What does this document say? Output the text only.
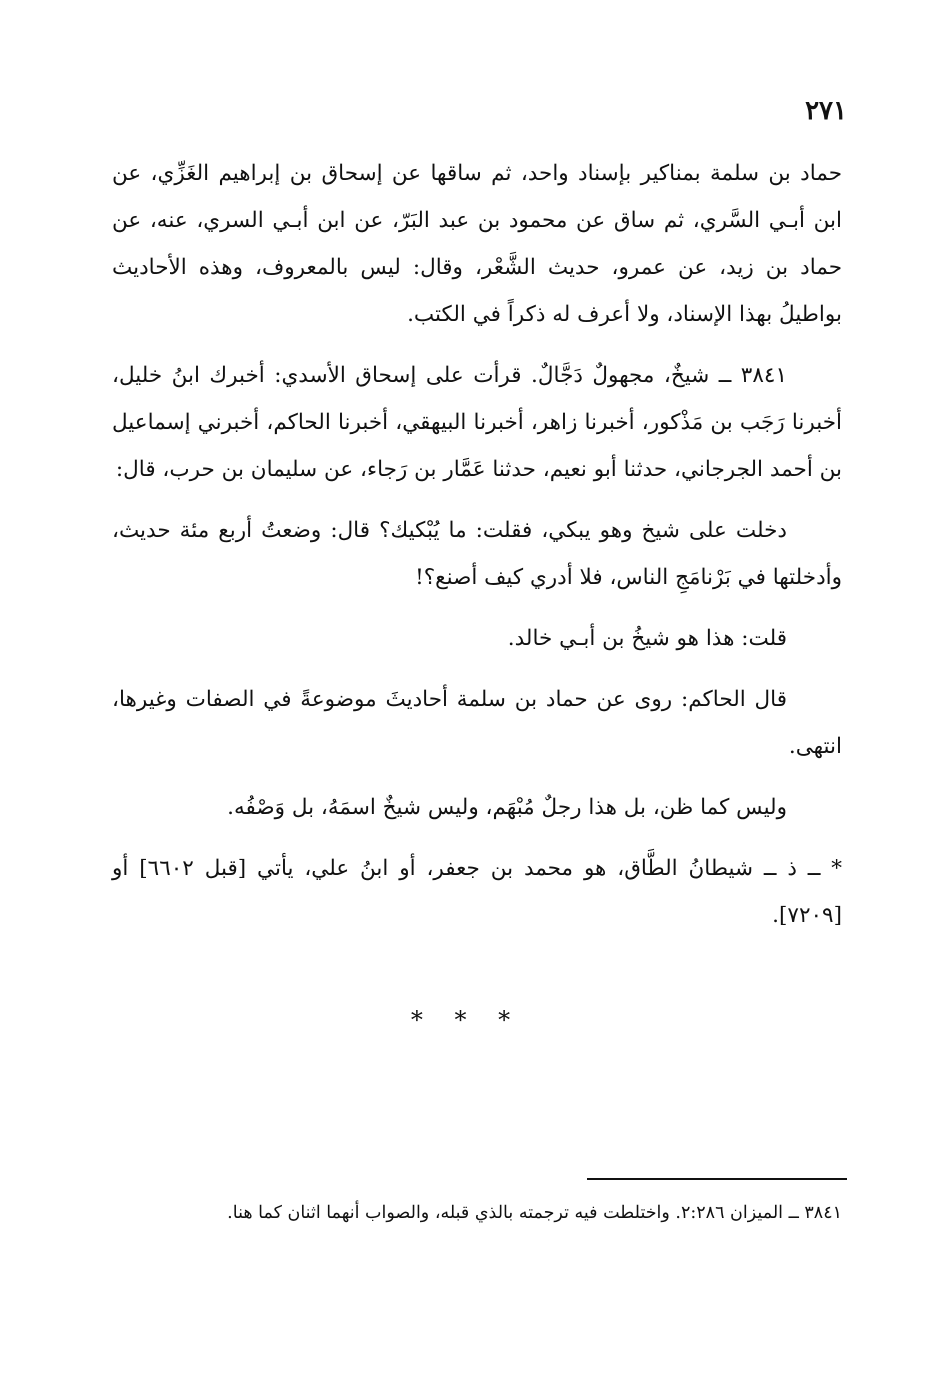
٢٧١

حماد بن سلمة بمناكير بإسناد واحد، ثم ساقها عن إسحاق بن إبراهيم الغَزِّي، عن ابن أبـي السَّري، ثم ساق عن محمود بن عبد البَرّ، عن ابن أبـي السري، عنه، عن حماد بن زيد، عن عمرو، حديث الشَّعْر، وقال: ليس بالمعروف، وهذه الأحاديث بواطيلُ بهذا الإسناد، ولا أعرف له ذكراً في الكتب.

٣٨٤١ ــ شيخٌ، مجهولٌ دَجَّالٌ. قرأت على إسحاق الأسدي: أخبرك ابنُ خليل، أخبرنا رَجَب بن مَذْكور، أخبرنا زاهر، أخبرنا البيهقي، أخبرنا الحاكم، أخبرني إسماعيل بن أحمد الجرجاني، حدثنا أبو نعيم، حدثنا عَمَّار بن رَجاء، عن سليمان بن حرب، قال:

دخلت على شيخ وهو يبكي، فقلت: ما يُبْكيك؟ قال: وضعتُ أربع مئة حديث، وأدخلتها في بَرْنامَجِ الناس، فلا أدري كيف أصنع؟!

قلت: هذا هو شيخُ بن أبـي خالد.

قال الحاكم: روى عن حماد بن سلمة أحاديثَ موضوعةً في الصفات وغيرها، انتهى.

وليس كما ظن، بل هذا رجلٌ مُبْهَم، وليس شيخٌ اسمَهُ، بل وَصْفُه.

* ــ ذ ــ شيطانُ الطَّاق، هو محمد بن جعفر، أو ابنُ علي، يأتي [قبل ٦٦٠٢] أو [٧٢٠٩].

* * *

٣٨٤١ ــ الميزان ٢:٢٨٦. واختلطت فيه ترجمته بالذي قبله، والصواب أنهما اثنان كما هنا.
